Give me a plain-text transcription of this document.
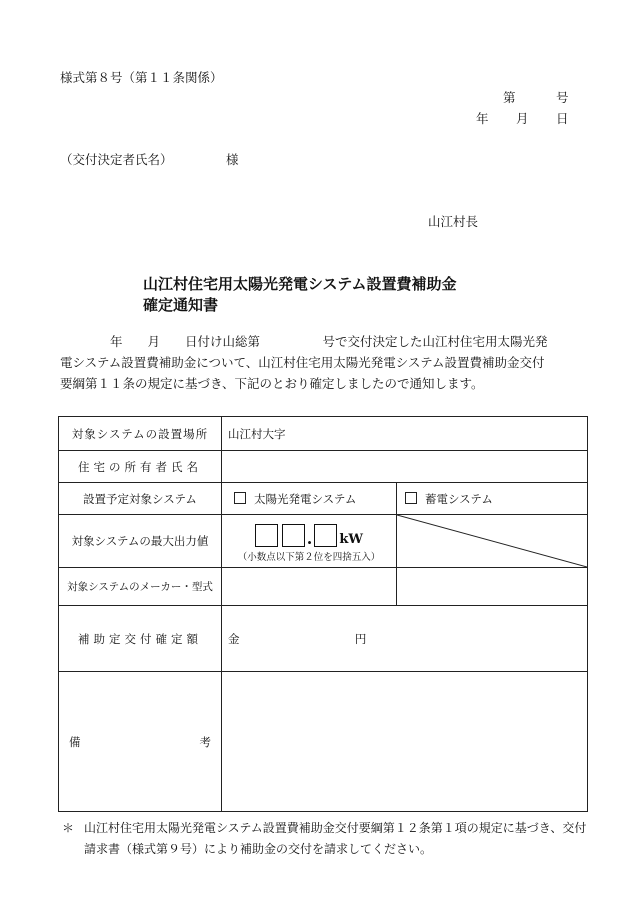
様式第８号（第１１条関係）
第	号
年 月 日
（交付決定者氏名）	様
山江村長
山江村住宅用太陽光発電システム設置費補助金
確定通知書
　　　　年　　月　　日付け山総第　　　　　号で交付決定した山江村住宅用太陽光発
電システム設置費補助金について、山江村住宅用太陽光発電システム設置費補助金交付
要綱第１１条の規定に基づき、下記のとおり確定しましたので通知します。
対象システムの設置場所	山江村大字	
住宅の所有者氏名		
設置予定対象システム	太陽光発電システム	蓄電システム
対象システムの最大出力値	. kW
（小数点以下第２位を四捨五入）

対象システムのメーカー・型式		
補助定交付確定額	金 円	

備 考		

＊ 山江村住宅用太陽光発電システム設置費補助金交付要綱第１２条第１項の規定に基づき、交付
請求書（様式第９号）により補助金の交付を請求してください。
